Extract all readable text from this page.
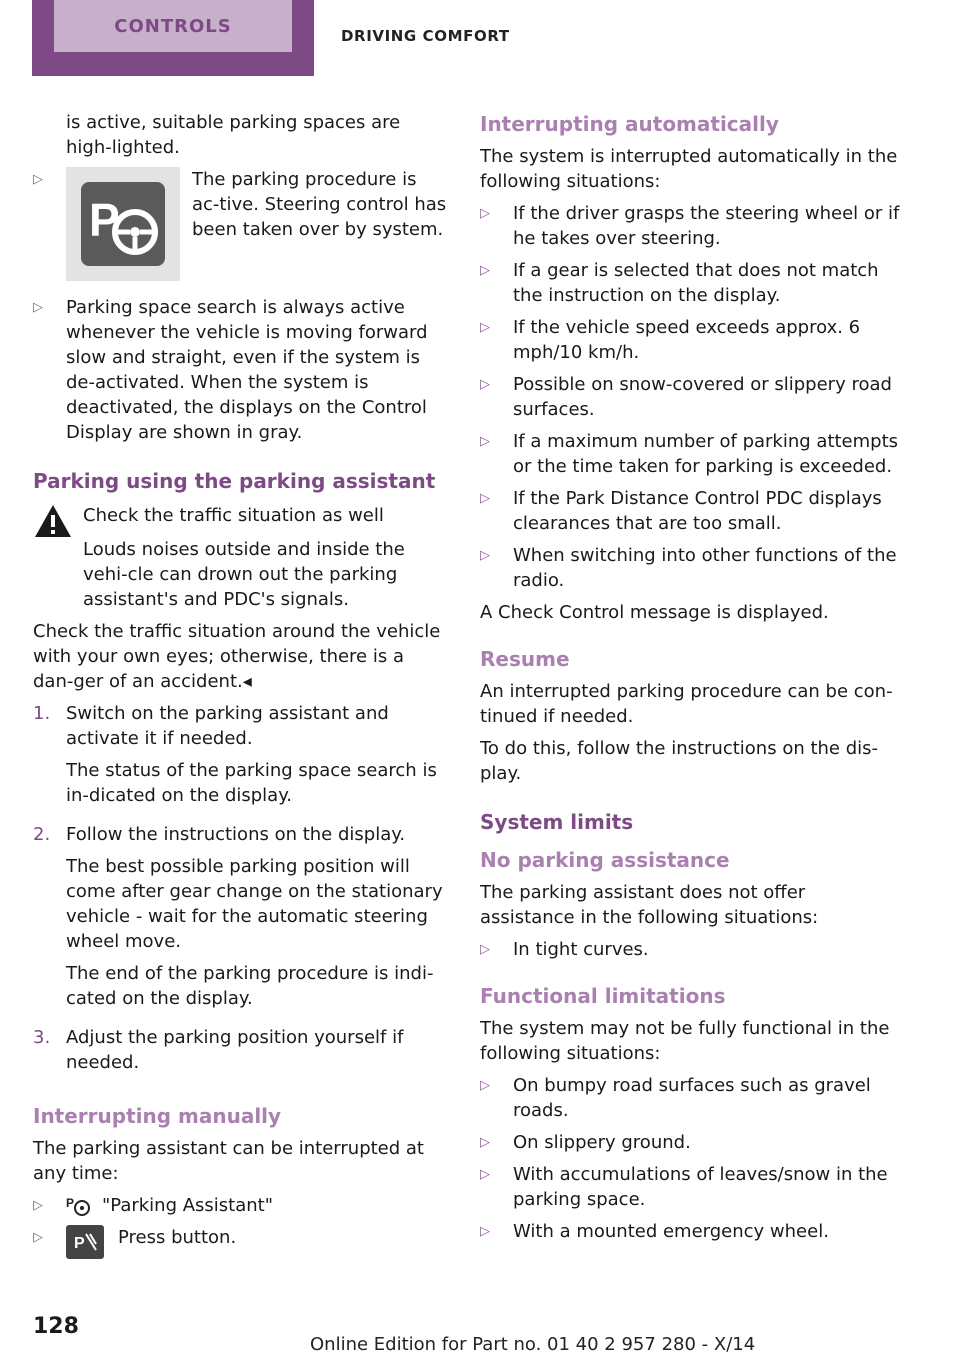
CONTROLS	DRIVING COMFORT

is active, suitable parking spaces are high‐lighted.

▷
P
The parking procedure is ac‐tive. Steering control has been taken over by system.
▷	Parking space search is always active whenever the vehicle is moving forward slow and straight, even if the system is de‐activated. When the system is deactivated, the displays on the Control Display are shown in gray.
Parking using the parking assistant

Check the traffic situation as well

Louds noises outside and inside the vehi‐cle can drown out the parking assistant's and PDC's signals.

Check the traffic situation around the vehicle with your own eyes; otherwise, there is a dan‐ger of an accident.◂

1. Switch on the parking assistant and activate it if needed.

The status of the parking space search is in‐dicated on the display.

2. Follow the instructions on the display.

The best possible parking position will come after gear change on the stationary vehicle - wait for the automatic steering wheel move.

The end of the parking procedure is indi‐cated on the display.

3. Adjust the parking position yourself if needed.

Interrupting manually

The parking assistant can be interrupted at any time:

▷	P "Parking Assistant"
▷	P Press button.
Interrupting automatically

The system is interrupted automatically in the following situations:

▷	If the driver grasps the steering wheel or if he takes over steering.
▷	If a gear is selected that does not match the instruction on the display.
▷	If the vehicle speed exceeds approx. 6 mph/10 km/h.
▷	Possible on snow-covered or slippery road surfaces.
▷	If a maximum number of parking attempts or the time taken for parking is exceeded.
▷	If the Park Distance Control PDC displays clearances that are too small.
▷	When switching into other functions of the radio.

A Check Control message is displayed.

Resume

An interrupted parking procedure can be con‐tinued if needed.

To do this, follow the instructions on the dis‐play.

System limits
No parking assistance

The parking assistant does not offer assistance in the following situations:

▷	In tight curves.
Functional limitations

The system may not be fully functional in the following situations:

▷	On bumpy road surfaces such as gravel roads.
▷	On slippery ground.
▷	With accumulations of leaves/snow in the parking space.
▷	With a mounted emergency wheel.
128
Online Edition for Part no. 01 40 2 957 280 - X/14
